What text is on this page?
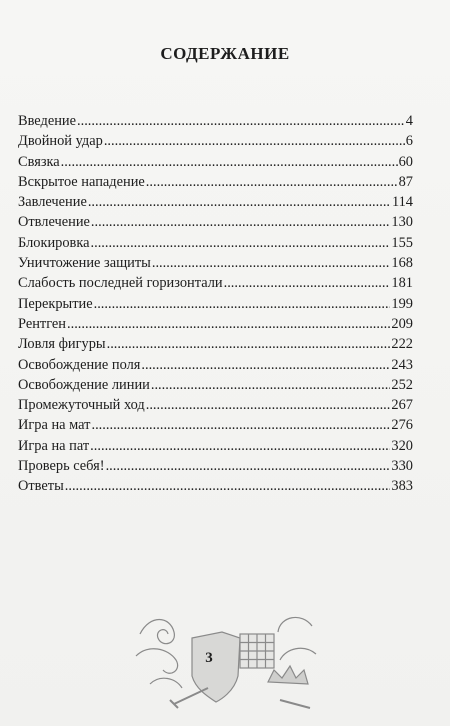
СОДЕРЖАНИЕ
Введение .....	4
Двойной удар .....	6
Связка .....	60
Вскрытое нападение .....	87
Завлечение .....	114
Отвлечение .....	130
Блокировка .....	155
Уничтожение защиты .....	168
Слабость последней горизонтали .....	181
Перекрытие .....	199
Рентген .....	209
Ловля фигуры .....	222
Освобождение поля .....	243
Освобождение линии .....	252
Промежуточный ход .....	267
Игра на мат .....	276
Игра на пат .....	320
Проверь себя! .....	330
Ответы .....	383
3
